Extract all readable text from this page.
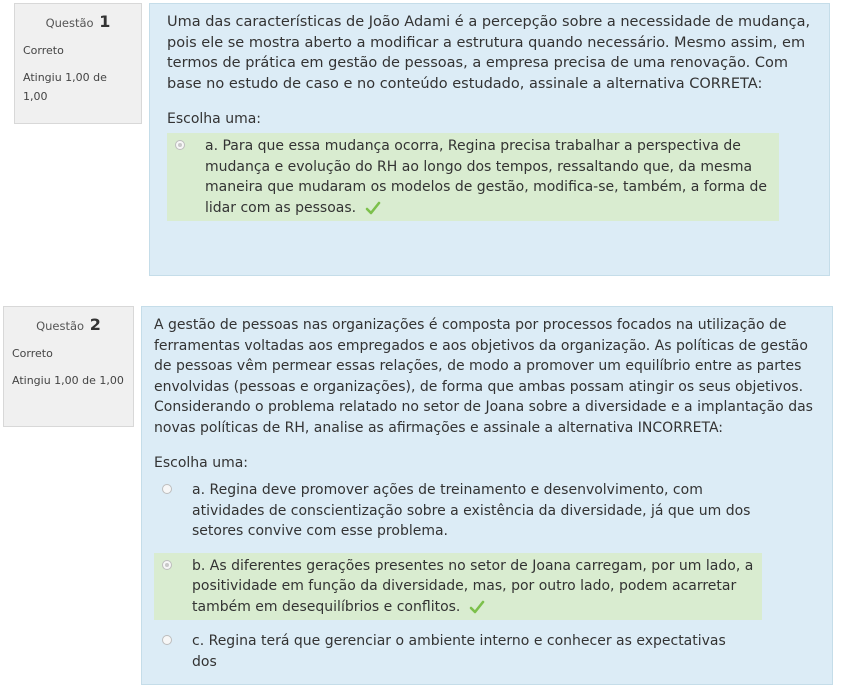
Questão 1
Correto
Atingiu 1,00 de 1,00
Uma das características de João Adami é a percepção sobre a necessidade de mudança, pois ele se mostra aberto a modificar a estrutura quando necessário. Mesmo assim, em termos de prática em gestão de pessoas, a empresa precisa de uma renovação. Com base no estudo de caso e no conteúdo estudado, assinale a alternativa CORRETA:
Escolha uma:
a. Para que essa mudança ocorra, Regina precisa trabalhar a perspectiva de mudança e evolução do RH ao longo dos tempos, ressaltando que, da mesma maneira que mudaram os modelos de gestão, modifica-se, também, a forma de lidar com as pessoas.
Questão 2
Correto
Atingiu 1,00 de 1,00
A gestão de pessoas nas organizações é composta por processos focados na utilização de ferramentas voltadas aos empregados e aos objetivos da organização. As políticas de gestão de pessoas vêm permear essas relações, de modo a promover um equilíbrio entre as partes envolvidas (pessoas e organizações), de forma que ambas possam atingir os seus objetivos. Considerando o problema relatado no setor de Joana sobre a diversidade e a implantação das novas políticas de RH, analise as afirmações e assinale a alternativa INCORRETA:
Escolha uma:
a. Regina deve promover ações de treinamento e desenvolvimento, com atividades de conscientização sobre a existência da diversidade, já que um dos setores convive com esse problema.
b. As diferentes gerações presentes no setor de Joana carregam, por um lado, a positividade em função da diversidade, mas, por outro lado, podem acarretar também em desequilíbrios e conflitos.
c. Regina terá que gerenciar o ambiente interno e conhecer as expectativas dos
